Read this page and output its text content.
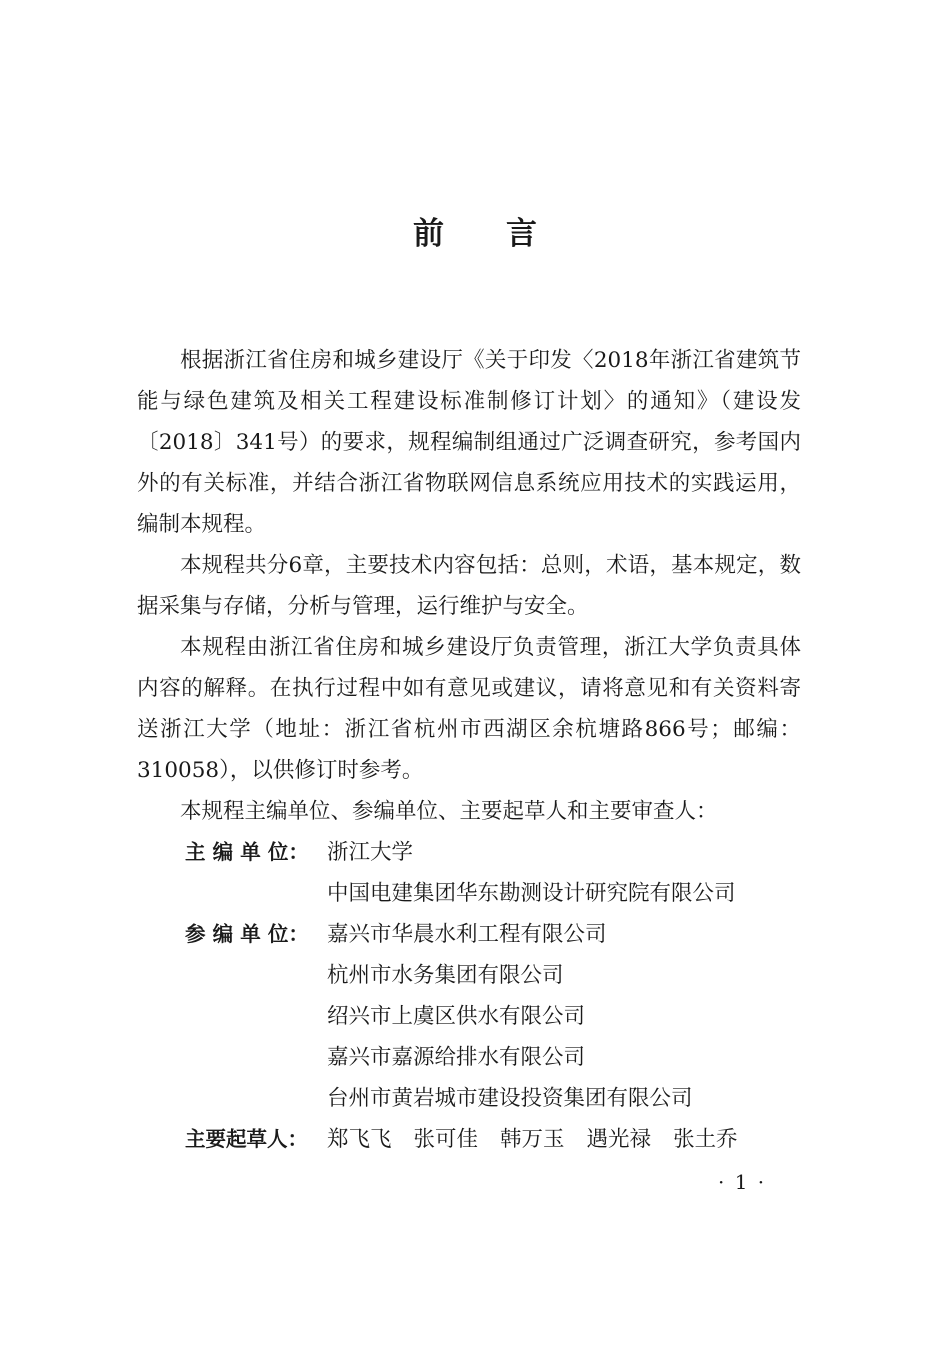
前 言

根据浙江省住房和城乡建设厅《关于印发〈2018年浙江省建筑节能与绿色建筑及相关工程建设标准制修订计划〉的通知》（建设发〔2018〕341号）的要求，规程编制组通过广泛调查研究，参考国内外的有关标准，并结合浙江省物联网信息系统应用技术的实践运用，编制本规程。

本规程共分6章，主要技术内容包括：总则，术语，基本规定，数据采集与存储，分析与管理，运行维护与安全。

本规程由浙江省住房和城乡建设厅负责管理，浙江大学负责具体内容的解释。在执行过程中如有意见或建议，请将意见和有关资料寄送浙江大学（地址：浙江省杭州市西湖区余杭塘路866号；邮编：310058），以供修订时参考。

本规程主编单位、参编单位、主要起草人和主要审查人：

主 编 单 位： 浙江大学
中国电建集团华东勘测设计研究院有限公司
参 编 单 位： 嘉兴市华晨水利工程有限公司
杭州市水务集团有限公司
绍兴市上虞区供水有限公司
嘉兴市嘉源给排水有限公司
台州市黄岩城市建设投资集团有限公司
主要起草人： 郑飞飞 张可佳 韩万玉 遇光禄 张土乔
· 1 ·
